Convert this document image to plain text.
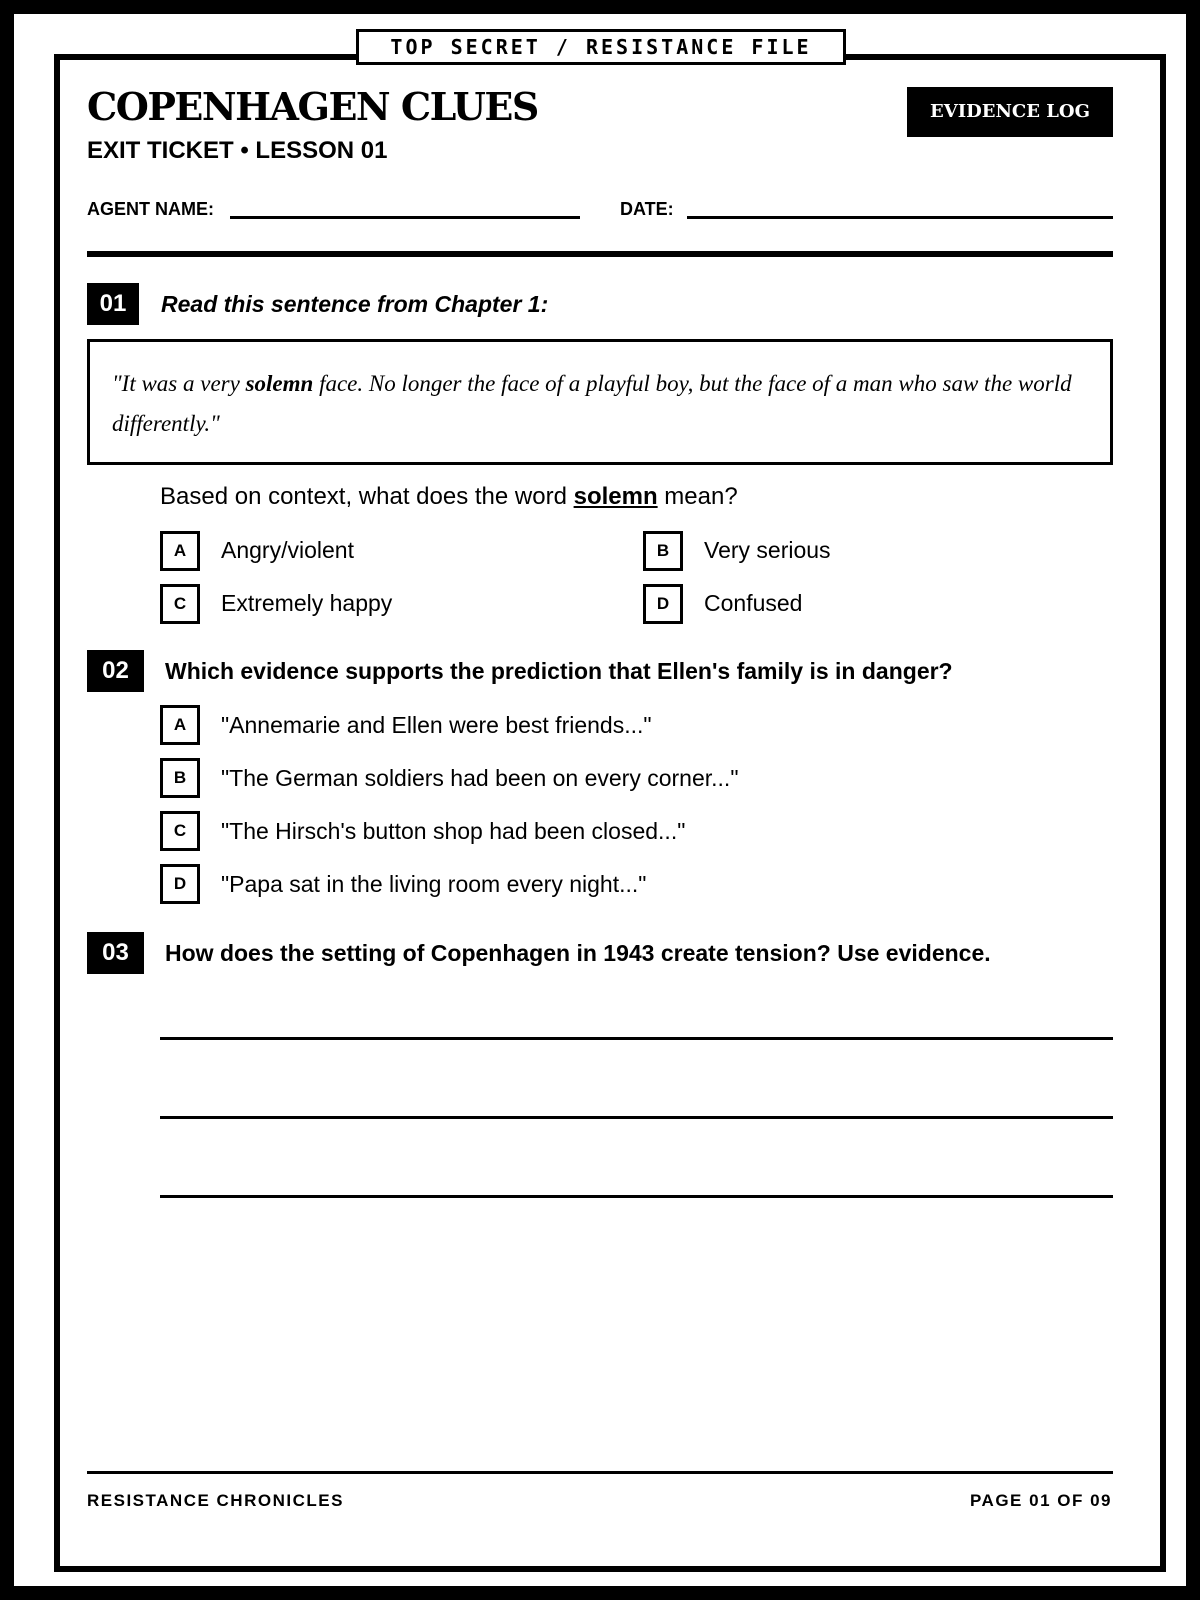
TOP SECRET / RESISTANCE FILE
COPENHAGEN CLUES
EXIT TICKET • LESSON 01
EVIDENCE LOG
AGENT NAME:	DATE:
01	Read this sentence from Chapter 1:
"It was a very solemn face. No longer the face of a playful boy, but the face of a man who saw the world differently."
Based on context, what does the word solemn mean?
A	Angry/violent	B	Very serious
C	Extremely happy	D	Confused
02	Which evidence supports the prediction that Ellen's family is in danger?
A	"Annemarie and Ellen were best friends..."
B	"The German soldiers had been on every corner..."
C	"The Hirsch's button shop had been closed..."
D	"Papa sat in the living room every night..."
03	How does the setting of Copenhagen in 1943 create tension? Use evidence.
RESISTANCE CHRONICLES	PAGE 01 OF 09
